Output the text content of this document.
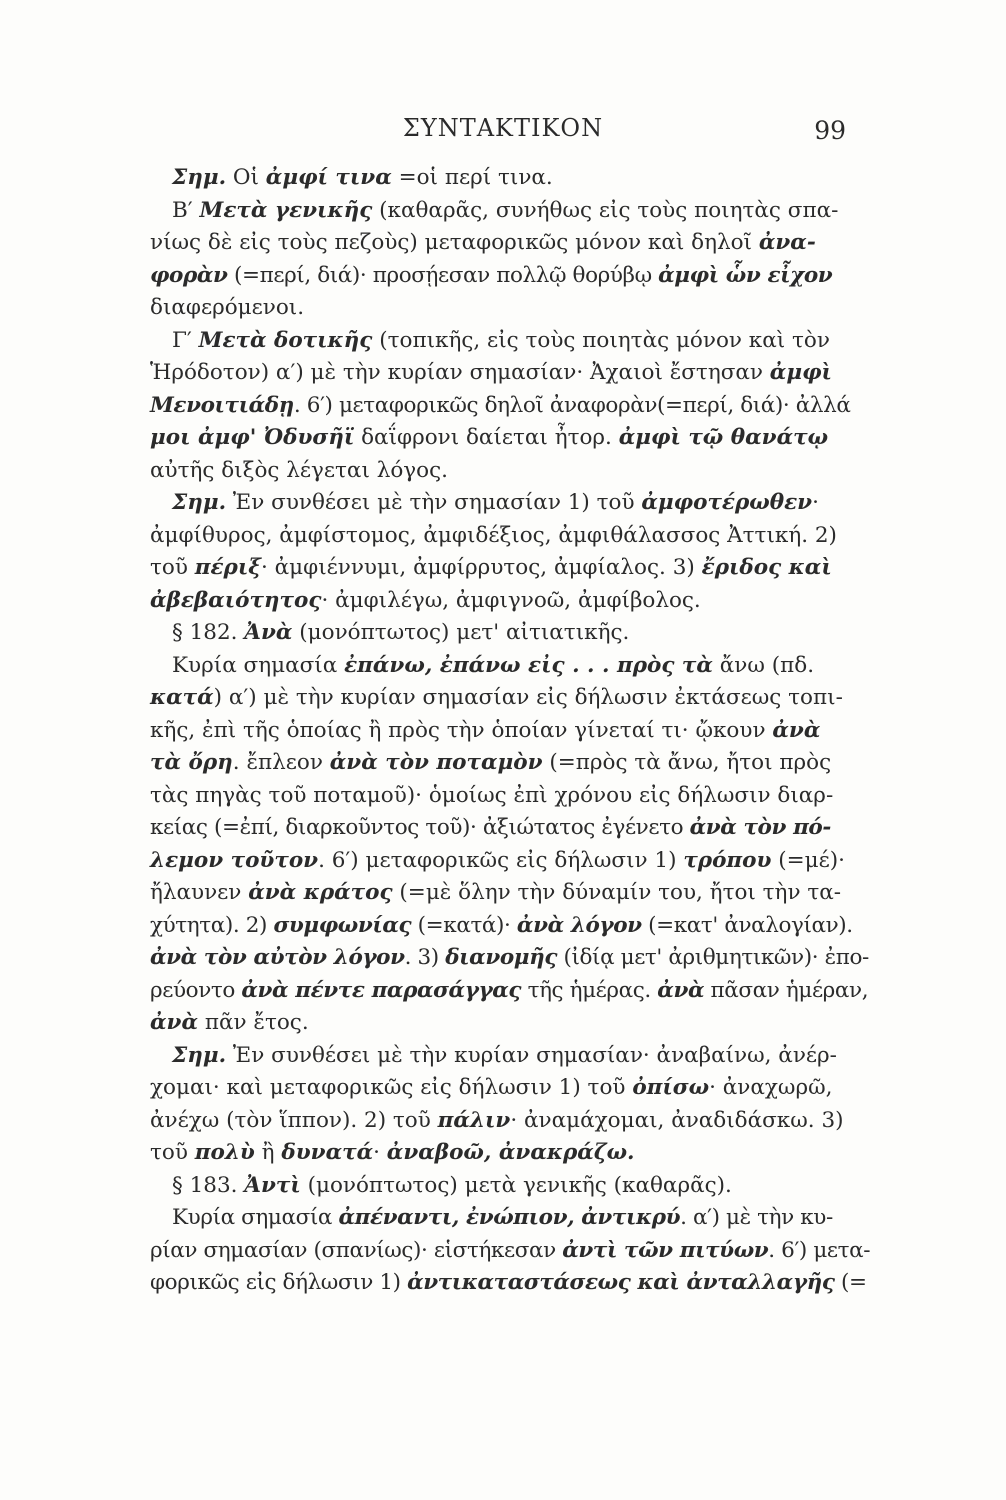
ΣΥΝΤΑΚΤΙΚΟΝ	99
Σημ. Οἱ ἀμφί τινα =οἱ περί τινα.
Β′ Μετὰ γενικῆς (καθαρᾶς, συνήθως εἰς τοὺς ποιητὰς σπα-
νίως δὲ εἰς τοὺς πεζοὺς) μεταφορικῶς μόνον καὶ δηλοῖ ἀνα-
φορὰν (=περί, διά)· προσῄεσαν πολλῷ θορύβῳ ἀμφὶ ὧν εἶχον
διαφερόμενοι.
Γ′ Μετὰ δοτικῆς (τοπικῆς, εἰς τοὺς ποιητὰς μόνον καὶ τὸν
Ἡρόδοτον) α′) μὲ τὴν κυρίαν σημασίαν· Ἀχαιοὶ ἔστησαν ἀμφὶ
Μενοιτιάδῃ. 6′) μεταφορικῶς δηλοῖ ἀναφορὰν(=περί, διά)· ἀλλά
μοι ἀμφ' Ὀδυσῆϊ δαΐφρονι δαίεται ἦτορ. ἀμφὶ τῷ θανάτῳ
αὐτῆς διξὸς λέγεται λόγος.
Σημ. Ἐν συνθέσει μὲ τὴν σημασίαν 1) τοῦ ἀμφοτέρωθεν·
ἀμφίθυρος, ἀμφίστομος, ἀμφιδέξιος, ἀμφιθάλασσος Ἀττική. 2)
τοῦ πέριξ· ἀμφιέννυμι, ἀμφίρρυτος, ἀμφίαλος. 3) ἔριδος καὶ
ἀβεβαιότητος· ἀμφιλέγω, ἀμφιγνοῶ, ἀμφίβολος.
§ 182. Ἀνὰ (μονόπτωτος) μετ' αἰτιατικῆς.
Κυρία σημασία ἐπάνω, ἐπάνω εἰς . . . πρὸς τὰ ἄνω (πδ.
κατά) α′) μὲ τὴν κυρίαν σημασίαν εἰς δήλωσιν ἐκτάσεως τοπι-
κῆς, ἐπὶ τῆς ὁποίας ἢ πρὸς τὴν ὁποίαν γίνεταί τι· ᾤκουν ἀνὰ
τὰ ὄρη. ἔπλεον ἀνὰ τὸν ποταμὸν (=πρὸς τὰ ἄνω, ἤτοι πρὸς
τὰς πηγὰς τοῦ ποταμοῦ)· ὁμοίως ἐπὶ χρόνου εἰς δήλωσιν διαρ-
κείας (=ἐπί, διαρκοῦντος τοῦ)· ἀξιώτατος ἐγένετο ἀνὰ τὸν πό-
λεμον τοῦτον. 6′) μεταφορικῶς εἰς δήλωσιν 1) τρόπου (=μέ)·
ἤλαυνεν ἀνὰ κράτος (=μὲ ὅλην τὴν δύναμίν του, ἤτοι τὴν τα-
χύτητα). 2) συμφωνίας (=κατά)· ἀνὰ λόγον (=κατ' ἀναλογίαν).
ἀνὰ τὸν αὐτὸν λόγον. 3) διανομῆς (ἰδίᾳ μετ' ἀριθμητικῶν)· ἐπο-
ρεύοντο ἀνὰ πέντε παρασάγγας τῆς ἡμέρας. ἀνὰ πᾶσαν ἡμέραν,
ἀνὰ πᾶν ἔτος.
Σημ. Ἐν συνθέσει μὲ τὴν κυρίαν σημασίαν· ἀναβαίνω, ἀνέρ-
χομαι· καὶ μεταφορικῶς εἰς δήλωσιν 1) τοῦ ὀπίσω· ἀναχωρῶ,
ἀνέχω (τὸν ἵππον). 2) τοῦ πάλιν· ἀναμάχομαι, ἀναδιδάσκω. 3)
τοῦ πολὺ ἢ δυνατά· ἀναβοῶ, ἀνακράζω.
§ 183. Ἀντὶ (μονόπτωτος) μετὰ γενικῆς (καθαρᾶς).
Κυρία σημασία ἀπέναντι, ἐνώπιον, ἀντικρύ. α′) μὲ τὴν κυ-
ρίαν σημασίαν (σπανίως)· εἱστήκεσαν ἀντὶ τῶν πιτύων. 6′) μετα-
φορικῶς εἰς δήλωσιν 1) ἀντικαταστάσεως καὶ ἀνταλλαγῆς (=
